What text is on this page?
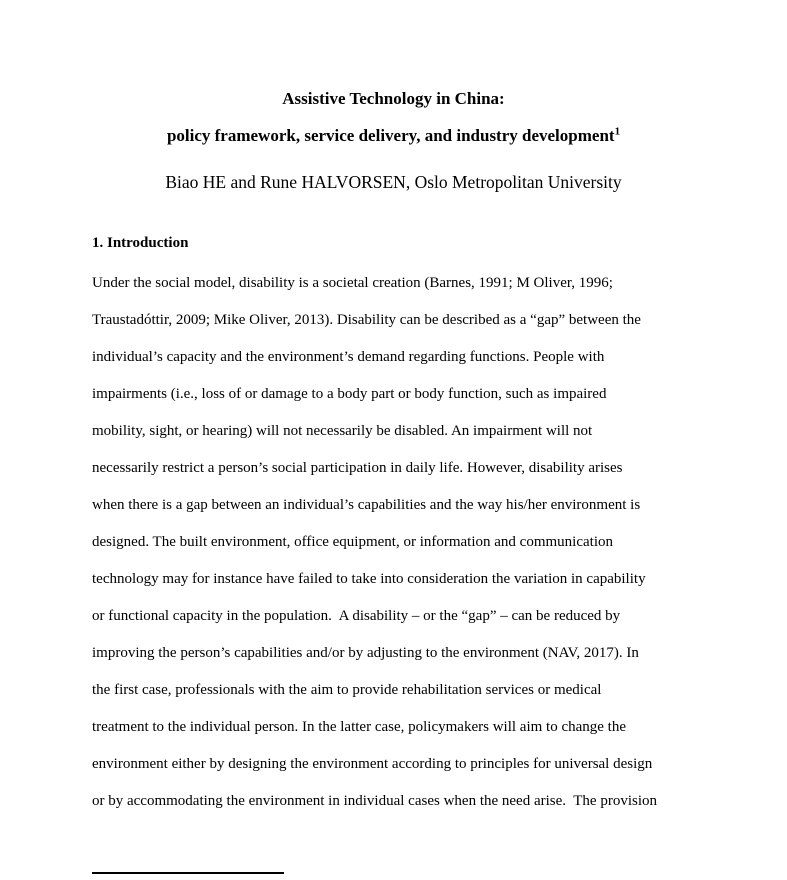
Assistive Technology in China:
policy framework, service delivery, and industry development$^1$
Biao HE and Rune HALVORSEN, Oslo Metropolitan University
1. Introduction
Under the social model, disability is a societal creation (Barnes, 1991; M Oliver, 1996;
Traustadóttir, 2009; Mike Oliver, 2013). Disability can be described as a “gap” between the
individual’s capacity and the environment’s demand regarding functions. People with
impairments (i.e., loss of or damage to a body part or body function, such as impaired
mobility, sight, or hearing) will not necessarily be disabled. An impairment will not
necessarily restrict a person’s social participation in daily life. However, disability arises
when there is a gap between an individual’s capabilities and the way his/her environment is
designed. The built environment, office equipment, or information and communication
technology may for instance have failed to take into consideration the variation in capability
or functional capacity in the population.  A disability – or the “gap” – can be reduced by
improving the person’s capabilities and/or by adjusting to the environment (NAV, 2017). In
the first case, professionals with the aim to provide rehabilitation services or medical
treatment to the individual person. In the latter case, policymakers will aim to change the
environment either by designing the environment according to principles for universal design
or by accommodating the environment in individual cases when the need arise.  The provision
